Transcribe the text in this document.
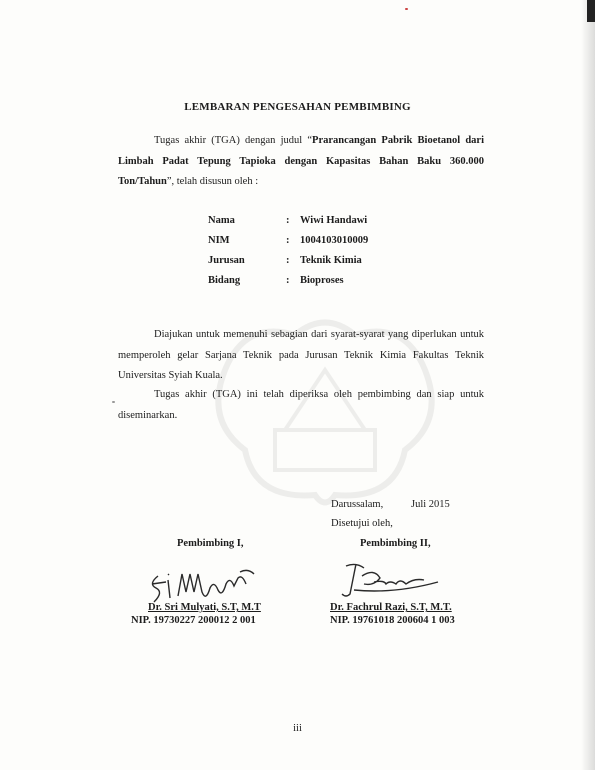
LEMBARAN PENGESAHAN PEMBIMBING
Tugas akhir (TGA) dengan judul “Prarancangan Pabrik Bioetanol dari Limbah Padat Tepung Tapioka dengan Kapasitas Bahan Baku 360.000 Ton/Tahun”, telah disusun oleh :
Nama	:	Wiwi Handawi
NIM	:	1004103010009
Jurusan	:	Teknik Kimia
Bidang	:	Bioproses
Diajukan untuk memenuhi sebagian dari syarat-syarat yang diperlukan untuk memperoleh gelar Sarjana Teknik pada Jurusan Teknik Kimia Fakultas Teknik Universitas Syiah Kuala.
Tugas akhir (TGA) ini telah diperiksa oleh pembimbing dan siap untuk diseminarkan.
Darussalam,	Juli 2015
Disetujui oleh,
Pembimbing I,	Pembimbing II,
Dr. Sri Mulyati, S.T, M.T	Dr. Fachrul Razi, S.T, M.T.
NIP. 19730227 200012 2 001	NIP. 19761018 200604 1 003
iii
